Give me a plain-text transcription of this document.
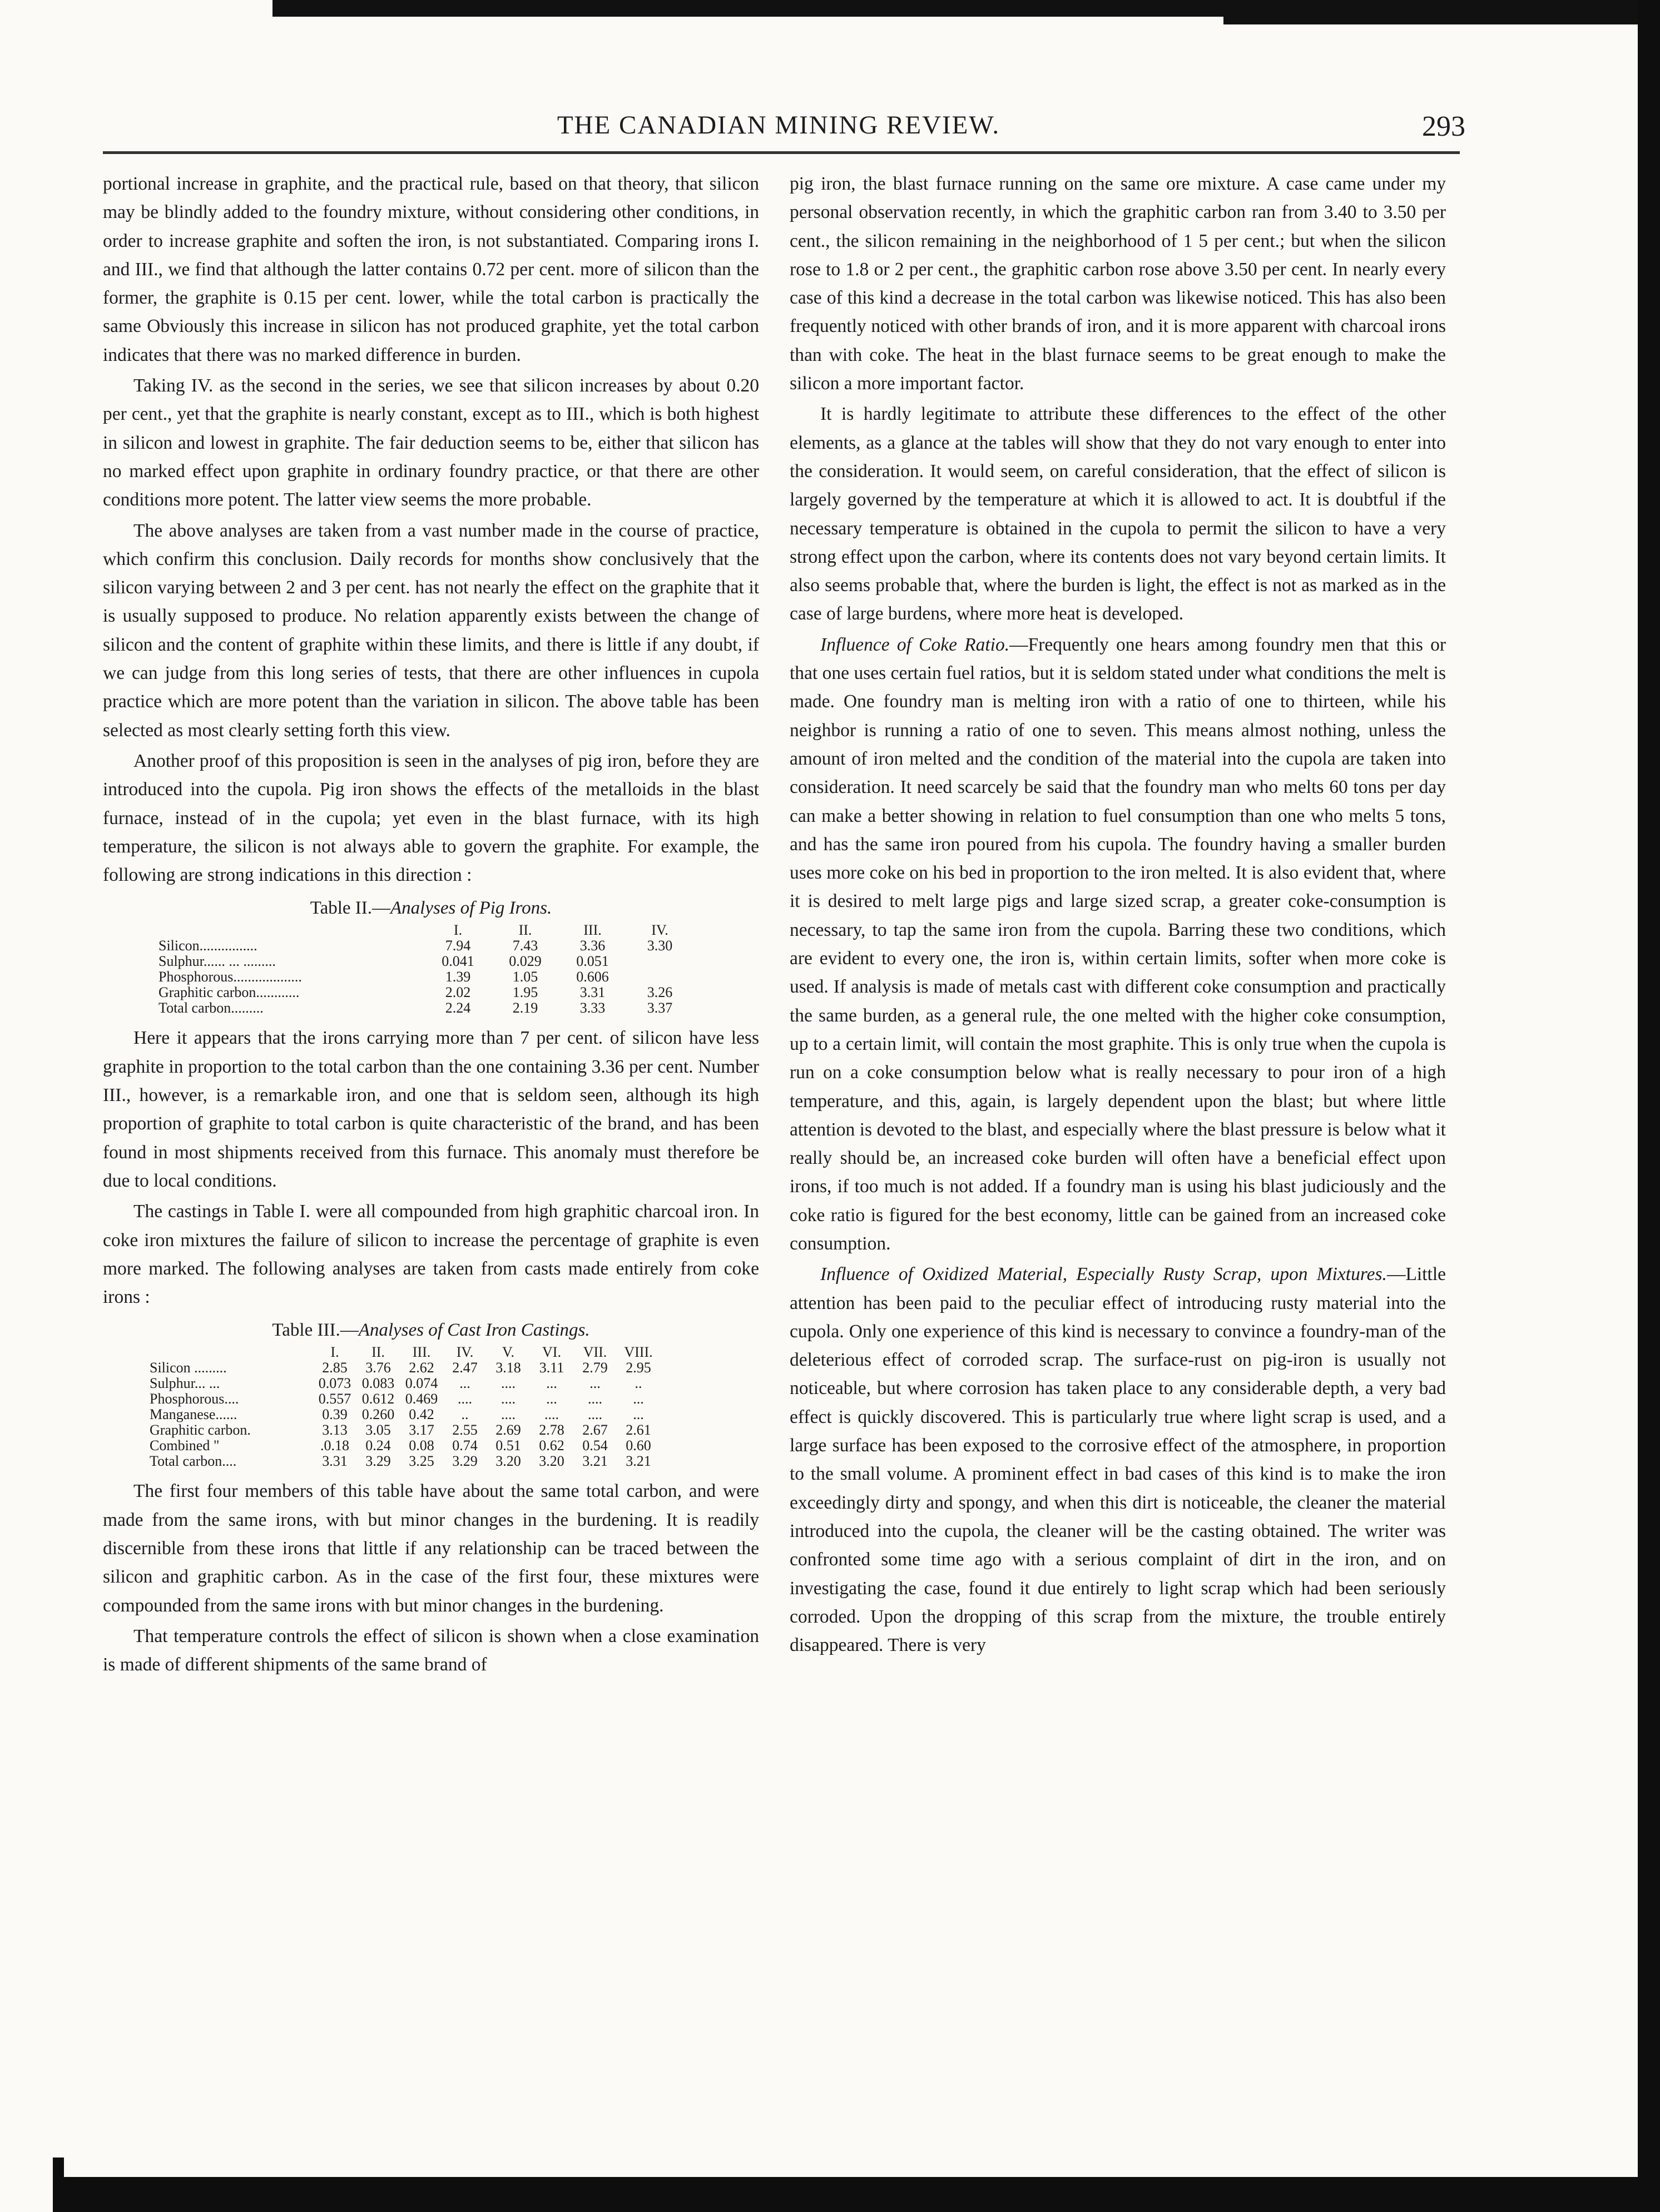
THE CANADIAN MINING REVIEW.	293

portional increase in graphite, and the practical rule, based on that theory, that silicon may be blindly added to the foundry mixture, without considering other conditions, in order to increase graphite and soften the iron, is not substantiated. Comparing irons I. and III., we find that although the latter contains 0.72 per cent. more of silicon than the former, the graphite is 0.15 per cent. lower, while the total carbon is practically the same Obviously this increase in silicon has not produced graphite, yet the total carbon indicates that there was no marked difference in burden.

Taking IV. as the second in the series, we see that silicon increases by about 0.20 per cent., yet that the graphite is nearly constant, except as to III., which is both highest in silicon and lowest in graphite. The fair deduction seems to be, either that silicon has no marked effect upon graphite in ordinary foundry practice, or that there are other conditions more potent. The latter view seems the more probable.

The above analyses are taken from a vast number made in the course of practice, which confirm this conclusion. Daily records for months show conclusively that the silicon varying between 2 and 3 per cent. has not nearly the effect on the graphite that it is usually supposed to produce. No relation apparently exists between the change of silicon and the content of graphite within these limits, and there is little if any doubt, if we can judge from this long series of tests, that there are other influences in cupola practice which are more potent than the variation in silicon. The above table has been selected as most clearly setting forth this view.

Another proof of this proposition is seen in the analyses of pig iron, before they are introduced into the cupola. Pig iron shows the effects of the metalloids in the blast furnace, instead of in the cupola; yet even in the blast furnace, with its high temperature, the silicon is not always able to govern the graphite. For example, the following are strong indications in this direction :

Table II.—Analyses of Pig Irons.
	I.	II.	III.	IV.
Silicon................	7.94	7.43	3.36	3.30
Sulphur...... ... .........	0.041	0.029	0.051	
Phosphorous...................	1.39	1.05	0.606	
Graphitic carbon............	2.02	1.95	3.31	3.26
Total carbon.........	2.24	2.19	3.33	3.37

Here it appears that the irons carrying more than 7 per cent. of silicon have less graphite in proportion to the total carbon than the one containing 3.36 per cent. Number III., however, is a remarkable iron, and one that is seldom seen, although its high proportion of graphite to total carbon is quite characteristic of the brand, and has been found in most shipments received from this furnace. This anomaly must therefore be due to local conditions.

The castings in Table I. were all compounded from high graphitic charcoal iron. In coke iron mixtures the failure of silicon to increase the percentage of graphite is even more marked. The following analyses are taken from casts made entirely from coke irons :

Table III.—Analyses of Cast Iron Castings.
	I.	II.	III.	IV.	V.	VI.	VII.	VIII.
Silicon .........	2.85	3.76	2.62	2.47	3.18	3.11	2.79	2.95
Sulphur... ...	0.073	0.083	0.074	...	....	...	...	..
Phosphorous....	0.557	0.612	0.469	....	....	...	....	...
Manganese......	0.39	0.260	0.42	..	....	....	....	...
Graphitic carbon.	3.13	3.05	3.17	2.55	2.69	2.78	2.67	2.61
Combined "	.0.18	0.24	0.08	0.74	0.51	0.62	0.54	0.60
Total carbon....	3.31	3.29	3.25	3.29	3.20	3.20	3.21	3.21

The first four members of this table have about the same total carbon, and were made from the same irons, with but minor changes in the burdening. It is readily discernible from these irons that little if any relationship can be traced between the silicon and graphitic carbon. As in the case of the first four, these mixtures were compounded from the same irons with but minor changes in the burdening.

That temperature controls the effect of silicon is shown when a close examination is made of different shipments of the same brand of

pig iron, the blast furnace running on the same ore mixture. A case came under my personal observation recently, in which the graphitic carbon ran from 3.40 to 3.50 per cent., the silicon remaining in the neighborhood of 1 5 per cent.; but when the silicon rose to 1.8 or 2 per cent., the graphitic carbon rose above 3.50 per cent. In nearly every case of this kind a decrease in the total carbon was likewise noticed. This has also been frequently noticed with other brands of iron, and it is more apparent with charcoal irons than with coke. The heat in the blast furnace seems to be great enough to make the silicon a more important factor.

It is hardly legitimate to attribute these differences to the effect of the other elements, as a glance at the tables will show that they do not vary enough to enter into the consideration. It would seem, on careful consideration, that the effect of silicon is largely governed by the temperature at which it is allowed to act. It is doubtful if the necessary temperature is obtained in the cupola to permit the silicon to have a very strong effect upon the carbon, where its contents does not vary beyond certain limits. It also seems probable that, where the burden is light, the effect is not as marked as in the case of large burdens, where more heat is developed.

Influence of Coke Ratio.—Frequently one hears among foundry men that this or that one uses certain fuel ratios, but it is seldom stated under what conditions the melt is made. One foundry man is melting iron with a ratio of one to thirteen, while his neighbor is running a ratio of one to seven. This means almost nothing, unless the amount of iron melted and the condition of the material into the cupola are taken into consideration. It need scarcely be said that the foundry man who melts 60 tons per day can make a better showing in relation to fuel consumption than one who melts 5 tons, and has the same iron poured from his cupola. The foundry having a smaller burden uses more coke on his bed in proportion to the iron melted. It is also evident that, where it is desired to melt large pigs and large sized scrap, a greater coke-consumption is necessary, to tap the same iron from the cupola. Barring these two conditions, which are evident to every one, the iron is, within certain limits, softer when more coke is used. If analysis is made of metals cast with different coke consumption and practically the same burden, as a general rule, the one melted with the higher coke consumption, up to a certain limit, will contain the most graphite. This is only true when the cupola is run on a coke consumption below what is really necessary to pour iron of a high temperature, and this, again, is largely dependent upon the blast; but where little attention is devoted to the blast, and especially where the blast pressure is below what it really should be, an increased coke burden will often have a beneficial effect upon irons, if too much is not added. If a foundry man is using his blast judiciously and the coke ratio is figured for the best economy, little can be gained from an increased coke consumption.

Influence of Oxidized Material, Especially Rusty Scrap, upon Mixtures.—Little attention has been paid to the peculiar effect of introducing rusty material into the cupola. Only one experience of this kind is necessary to convince a foundry-man of the deleterious effect of corroded scrap. The surface-rust on pig-iron is usually not noticeable, but where corrosion has taken place to any considerable depth, a very bad effect is quickly discovered. This is particularly true where light scrap is used, and a large surface has been exposed to the corrosive effect of the atmosphere, in proportion to the small volume. A prominent effect in bad cases of this kind is to make the iron exceedingly dirty and spongy, and when this dirt is noticeable, the cleaner the material introduced into the cupola, the cleaner will be the casting obtained. The writer was confronted some time ago with a serious complaint of dirt in the iron, and on investigating the case, found it due entirely to light scrap which had been seriously corroded. Upon the dropping of this scrap from the mixture, the trouble entirely disappeared. There is very
